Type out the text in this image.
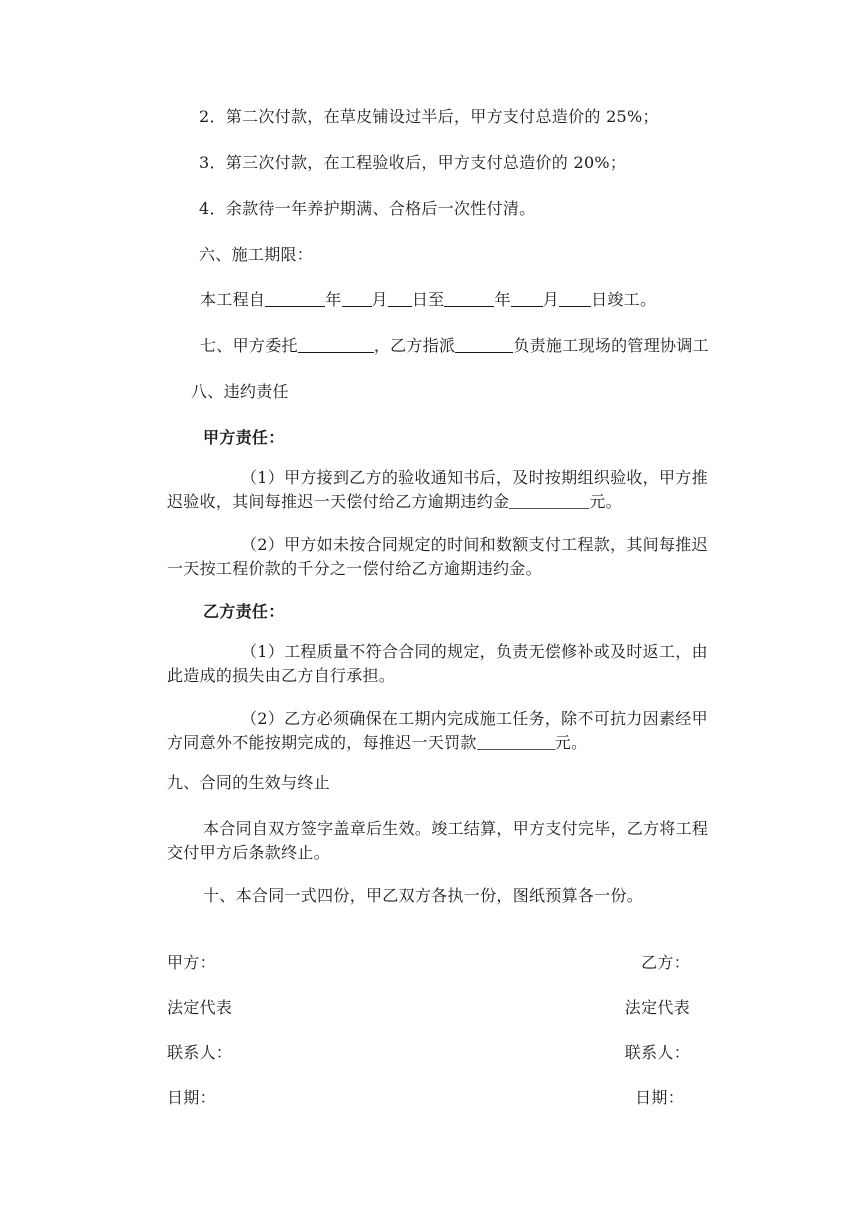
2．第二次付款，在草皮铺设过半后，甲方支付总造价的 25%；
3．第三次付款，在工程验收后，甲方支付总造价的 20%；
4．余款待一年养护期满、合格后一次性付清。
六、施工期限：
本工程自	年 月 日至	年 月 日竣工。
七、甲方委托	，乙方指派	负责施工现场的管理协调工
八、违约责任
甲方责任：
（1）甲方接到乙方的验收通知书后，及时按期组织验收，甲方推
迟验收，其间每推迟一天偿付给乙方逾期违约金	元。
（2）甲方如未按合同规定的时间和数额支付工程款，其间每推迟
一天按工程价款的千分之一偿付给乙方逾期违约金。
乙方责任：
（1）工程质量不符合合同的规定，负责无偿修补或及时返工，由
此造成的损失由乙方自行承担。
（2）乙方必须确保在工期内完成施工任务，除不可抗力因素经甲
方同意外不能按期完成的，每推迟一天罚款	元。
九、合同的生效与终止
本合同自双方签字盖章后生效。竣工结算，甲方支付完毕，乙方将工程
交付甲方后条款终止。
十、本合同一式四份，甲乙双方各执一份，图纸预算各一份。
甲方：	乙方：
法定代表	法定代表
联系人：	联系人：
日期：	日期：
